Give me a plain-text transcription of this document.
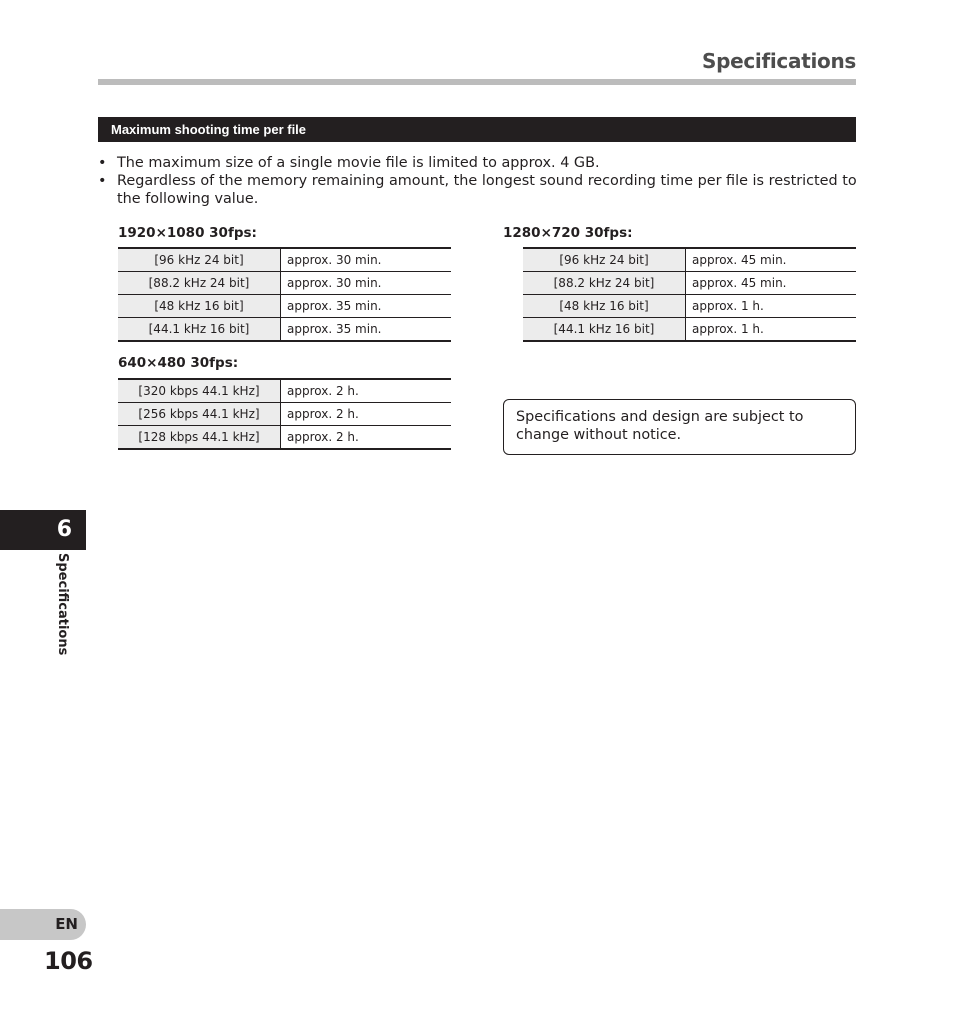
Specifications
Maximum shooting time per file
• The maximum size of a single movie file is limited to approx. 4 GB.
• Regardless of the memory remaining amount, the longest sound recording time per file is restricted to the following value.
1920×1080 30fps:
[96 kHz 24 bit]	approx. 30 min.
[88.2 kHz 24 bit]	approx. 30 min.
[48 kHz 16 bit]	approx. 35 min.
[44.1 kHz 16 bit]	approx. 35 min.
1280×720 30fps:
[96 kHz 24 bit]	approx. 45 min.
[88.2 kHz 24 bit]	approx. 45 min.
[48 kHz 16 bit]	approx. 1 h.
[44.1 kHz 16 bit]	approx. 1 h.
640×480 30fps:
[320 kbps 44.1 kHz]	approx. 2 h.
[256 kbps 44.1 kHz]	approx. 2 h.
[128 kbps 44.1 kHz]	approx. 2 h.
Specifications and design are subject to change without notice.
6
Specifications
EN
106
